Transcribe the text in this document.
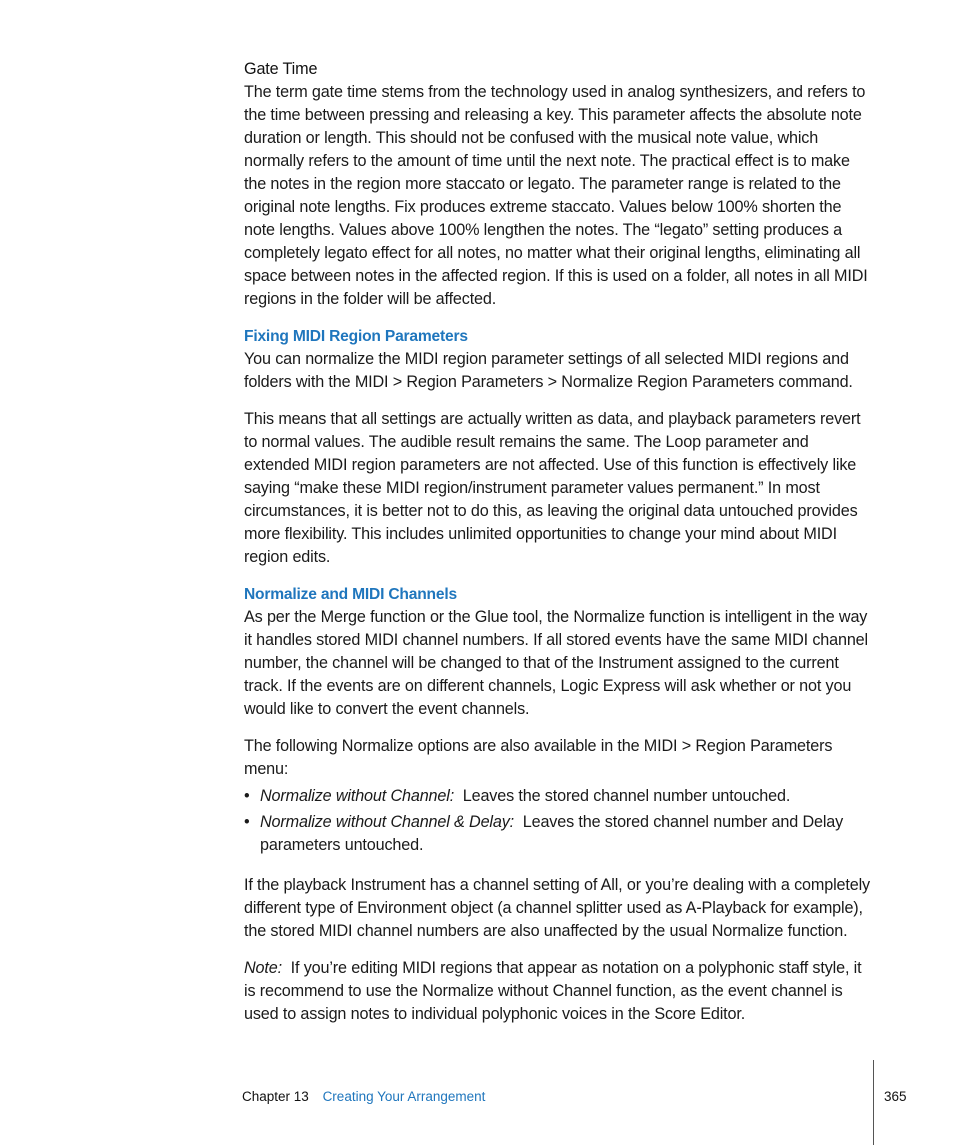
Gate Time

The term gate time stems from the technology used in analog synthesizers, and refers to the time between pressing and releasing a key. This parameter affects the absolute note duration or length. This should not be confused with the musical note value, which normally refers to the amount of time until the next note. The practical effect is to make the notes in the region more staccato or legato. The parameter range is related to the original note lengths. Fix produces extreme staccato. Values below 100% shorten the note lengths. Values above 100% lengthen the notes. The “legato” setting produces a completely legato effect for all notes, no matter what their original lengths, eliminating all space between notes in the affected region. If this is used on a folder, all notes in all MIDI regions in the folder will be affected.

Fixing MIDI Region Parameters

You can normalize the MIDI region parameter settings of all selected MIDI regions and folders with the MIDI > Region Parameters > Normalize Region Parameters command.

This means that all settings are actually written as data, and playback parameters revert to normal values. The audible result remains the same. The Loop parameter and extended MIDI region parameters are not affected. Use of this function is effectively like saying “make these MIDI region/instrument parameter values permanent.” In most circumstances, it is better not to do this, as leaving the original data untouched provides more flexibility. This includes unlimited opportunities to change your mind about MIDI region edits.

Normalize and MIDI Channels

As per the Merge function or the Glue tool, the Normalize function is intelligent in the way it handles stored MIDI channel numbers. If all stored events have the same MIDI channel number, the channel will be changed to that of the Instrument assigned to the current track. If the events are on different channels, Logic Express will ask whether or not you would like to convert the event channels.

The following Normalize options are also available in the MIDI > Region Parameters menu:

• Normalize without Channel: Leaves the stored channel number untouched.
• Normalize without Channel & Delay: Leaves the stored channel number and Delay parameters untouched.

If the playback Instrument has a channel setting of All, or you’re dealing with a completely different type of Environment object (a channel splitter used as A-Playback for example), the stored MIDI channel numbers are also unaffected by the usual Normalize function.

Note: If you’re editing MIDI regions that appear as notation on a polyphonic staff style, it is recommend to use the Normalize without Channel function, as the event channel is used to assign notes to individual polyphonic voices in the Score Editor.

Chapter 13 Creating Your Arrangement	365
